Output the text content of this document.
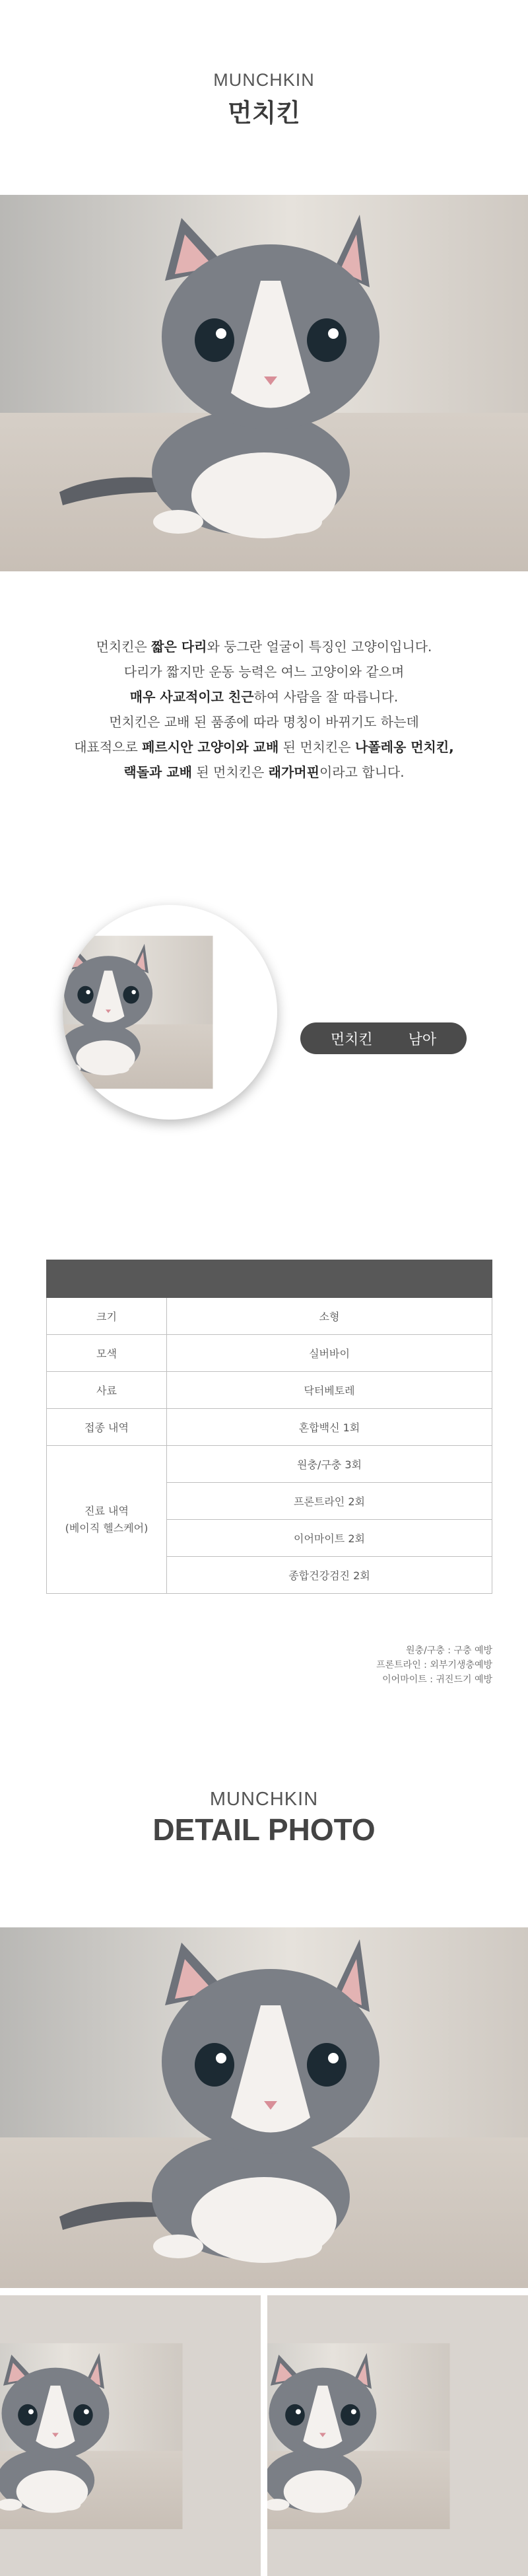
MUNCHKIN
먼치킨
먼치킨은 짧은 다리와 둥그란 얼굴이 특징인 고양이입니다.
다리가 짧지만 운동 능력은 여느 고양이와 같으며
매우 사교적이고 친근하여 사람을 잘 따릅니다.
먼치킨은 교배 된 품종에 따라 명칭이 바뀌기도 하는데
대표적으로 페르시안 고양이와 교배 된 먼치킨은 나폴레옹 먼치킨,
랙돌과 교배 된 먼치킨은 래가머핀이라고 합니다.
먼치킨 남아

크기	소형
모색	실버바이
사료	닥터베토레
접종 내역	혼합백신 1회

진료 내역
(베이직 헬스케어)	원충/구충 3회
	프론트라인 2회
	이어마이트 2회
	종합건강검진 2회
원충/구충 : 구충 예방
프론트라인 : 외부기생충예방
이어마이트 : 귀진드기 예방
MUNCHKIN
DETAIL PHOTO
